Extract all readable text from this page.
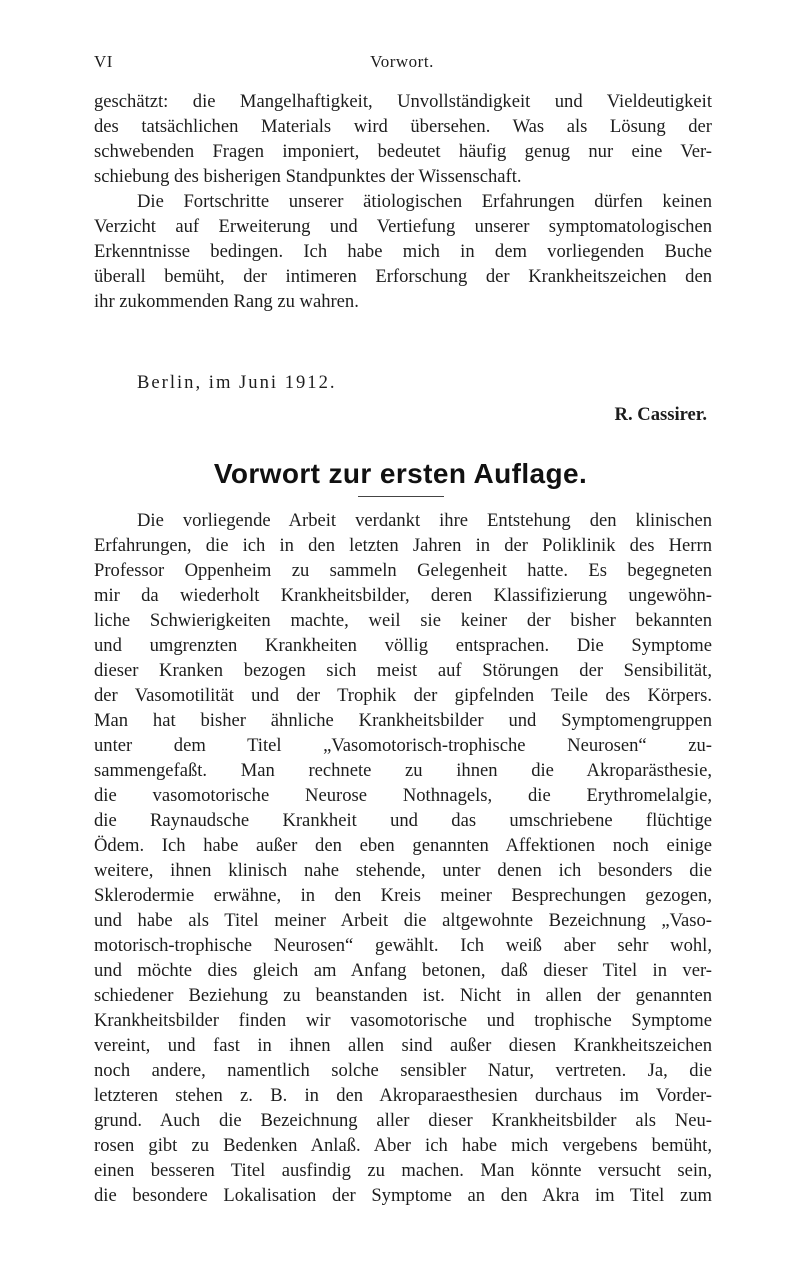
VI	Vorwort.
geschätzt: die Mangelhaftigkeit, Unvollständigkeit und Vieldeutigkeit
des tatsächlichen Materials wird übersehen. Was als Lösung der
schwebenden Fragen imponiert, bedeutet häufig genug nur eine Ver-
schiebung des bisherigen Standpunktes der Wissenschaft.
Die Fortschritte unserer ätiologischen Erfahrungen dürfen keinen
Verzicht auf Erweiterung und Vertiefung unserer symptomatologischen
Erkenntnisse bedingen. Ich habe mich in dem vorliegenden Buche
überall bemüht, der intimeren Erforschung der Krankheitszeichen den
ihr zukommenden Rang zu wahren.
Berlin, im Juni 1912.
R. Cassirer.
Vorwort zur ersten Auflage.
Die vorliegende Arbeit verdankt ihre Entstehung den klinischen
Erfahrungen, die ich in den letzten Jahren in der Poliklinik des Herrn
Professor Oppenheim zu sammeln Gelegenheit hatte. Es begegneten
mir da wiederholt Krankheitsbilder, deren Klassifizierung ungewöhn-
liche Schwierigkeiten machte, weil sie keiner der bisher bekannten
und umgrenzten Krankheiten völlig entsprachen. Die Symptome
dieser Kranken bezogen sich meist auf Störungen der Sensibilität,
der Vasomotilität und der Trophik der gipfelnden Teile des Körpers.
Man hat bisher ähnliche Krankheitsbilder und Symptomengruppen
unter dem Titel „Vasomotorisch-trophische Neurosen“ zu-
sammengefaßt. Man rechnete zu ihnen die Akroparästhesie,
die vasomotorische Neurose Nothnagels, die Erythromelalgie,
die Raynaudsche Krankheit und das umschriebene flüchtige
Ödem. Ich habe außer den eben genannten Affektionen noch einige
weitere, ihnen klinisch nahe stehende, unter denen ich besonders die
Sklerodermie erwähne, in den Kreis meiner Besprechungen gezogen,
und habe als Titel meiner Arbeit die altgewohnte Bezeichnung „Vaso-
motorisch-trophische Neurosen“ gewählt. Ich weiß aber sehr wohl,
und möchte dies gleich am Anfang betonen, daß dieser Titel in ver-
schiedener Beziehung zu beanstanden ist. Nicht in allen der genannten
Krankheitsbilder finden wir vasomotorische und trophische Symptome
vereint, und fast in ihnen allen sind außer diesen Krankheitszeichen
noch andere, namentlich solche sensibler Natur, vertreten. Ja, die
letzteren stehen z. B. in den Akroparaesthesien durchaus im Vorder-
grund. Auch die Bezeichnung aller dieser Krankheitsbilder als Neu-
rosen gibt zu Bedenken Anlaß. Aber ich habe mich vergebens bemüht,
einen besseren Titel ausfindig zu machen. Man könnte versucht sein,
die besondere Lokalisation der Symptome an den Akra im Titel zum
